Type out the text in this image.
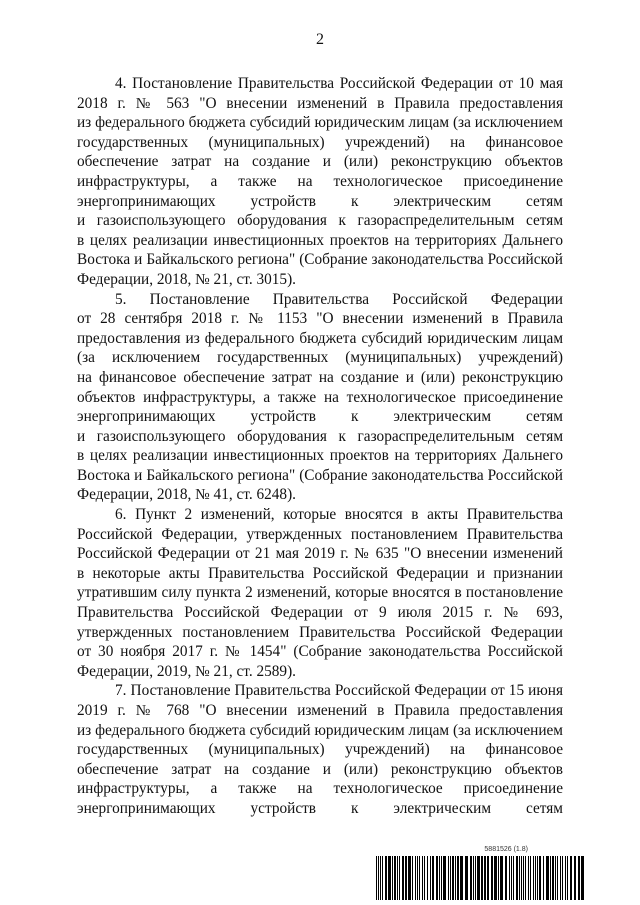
2

4. Постановление Правительства Российской Федерации от 10 мая
2018 г. № 563 "О внесении изменений в Правила предоставления
из федерального бюджета субсидий юридическим лицам (за исключением
государственных (муниципальных) учреждений) на финансовое
обеспечение затрат на создание и (или) реконструкцию объектов
инфраструктуры, а также на технологическое присоединение
энергопринимающих устройств к электрическим сетям
и газоиспользующего оборудования к газораспределительным сетям
в целях реализации инвестиционных проектов на территориях Дальнего
Востока и Байкальского региона" (Собрание законодательства Российской
Федерации, 2018, № 21, ст. 3015).

5. Постановление Правительства Российской Федерации
от 28 сентября 2018 г. № 1153 "О внесении изменений в Правила
предоставления из федерального бюджета субсидий юридическим лицам
(за исключением государственных (муниципальных) учреждений)
на финансовое обеспечение затрат на создание и (или) реконструкцию
объектов инфраструктуры, а также на технологическое присоединение
энергопринимающих устройств к электрическим сетям
и газоиспользующего оборудования к газораспределительным сетям
в целях реализации инвестиционных проектов на территориях Дальнего
Востока и Байкальского региона" (Собрание законодательства Российской
Федерации, 2018, № 41, ст. 6248).

6. Пункт 2 изменений, которые вносятся в акты Правительства
Российской Федерации, утвержденных постановлением Правительства
Российской Федерации от 21 мая 2019 г. № 635 "О внесении изменений
в некоторые акты Правительства Российской Федерации и признании
утратившим силу пункта 2 изменений, которые вносятся в постановление
Правительства Российской Федерации от 9 июля 2015 г. № 693,
утвержденных постановлением Правительства Российской Федерации
от 30 ноября 2017 г. № 1454" (Собрание законодательства Российской
Федерации, 2019, № 21, ст. 2589).

7. Постановление Правительства Российской Федерации от 15 июня
2019 г. № 768 "О внесении изменений в Правила предоставления
из федерального бюджета субсидий юридическим лицам (за исключением
государственных (муниципальных) учреждений) на финансовое
обеспечение затрат на создание и (или) реконструкцию объектов
инфраструктуры, а также на технологическое присоединение
энергопринимающих устройств к электрическим сетям

5881526 (1.8)
